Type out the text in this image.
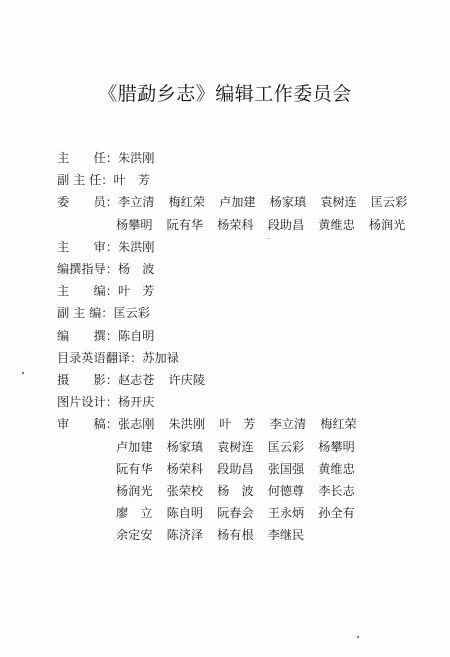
《腊勐乡志》编辑工作委员会
主　　任： 朱洪刚
副 主 任： 叶　芳
委　　员： 李立清 梅红荣 卢加建 杨家瑱 袁树连 匡云彩
杨攀明 阮有华 杨荣科 段助昌 黄维忠 杨润光
主　　审： 朱洪刚
编撰指导： 杨　波
主　　编： 叶　芳
副 主 编： 匡云彩
编　　撰： 陈自明
目录英语翻译： 苏加禄
摄　　影： 赵志苍 许庆陵
图片设计： 杨开庆
审　　稿： 张志刚 朱洪刚 叶　芳 李立清 梅红荣
卢加建 杨家瑱 袁树连 匡云彩 杨攀明
阮有华 杨荣科 段助昌 张国强 黄维忠
杨润光 张荣校 杨　波 何德尊 李长志
廖　立 陈自明 阮春会 王永炳 孙全有
余定安 陈济泽 杨有根 李继民
